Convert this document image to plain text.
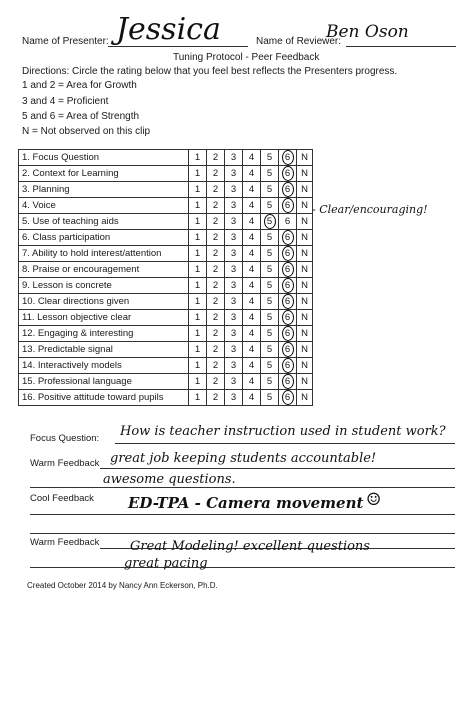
Name of Presenter: Jessica	Name of Reviewer:
Ben Oson
Tuning Protocol - Peer Feedback
Directions: Circle the rating below that you feel best reflects the Presenters progress.
1 and 2 = Area for Growth
3 and 4 = Proficient
5 and 6 = Area of Strength
N = Not observed on this clip
1. Focus Question	1	2	3	4	5	6	N	
2. Context for Learning	1	2	3	4	5	6	N	
3. Planning	1	2	3	4	5	6	N	
4. Voice	1	2	3	4	5	6	N	
5. Use of teaching aids	1	2	3	4	5	6	N	
6. Class participation	1	2	3	4	5	6	N	
7. Ability to hold interest/attention	1	2	3	4	5	6	N	
8. Praise or encouragement	1	2	3	4	5	6	N	
9. Lesson is concrete	1	2	3	4	5	6	N	
10. Clear directions given	1	2	3	4	5	6	N	
11. Lesson objective clear	1	2	3	4	5	6	N	
12. Engaging & interesting	1	2	3	4	5	6	N	
13. Predictable signal	1	2	3	4	5	6	N	
14. Interactively models	1	2	3	4	5	6	N	
15. Professional language	1	2	3	4	5	6	N	
16. Positive attitude toward pupils	1	2	3	4	5	6	N	
- Clear/encouraging!
Focus Question: How is teacher instruction used in student work?
Warm Feedback great job keeping students accountable!
awesome questions.
Cool Feedback ED-TPA - Camera movement ☺
Warm Feedback Great Modeling! excellent questions
great pacing
Created October 2014 by Nancy Ann Eckerson, Ph.D.
